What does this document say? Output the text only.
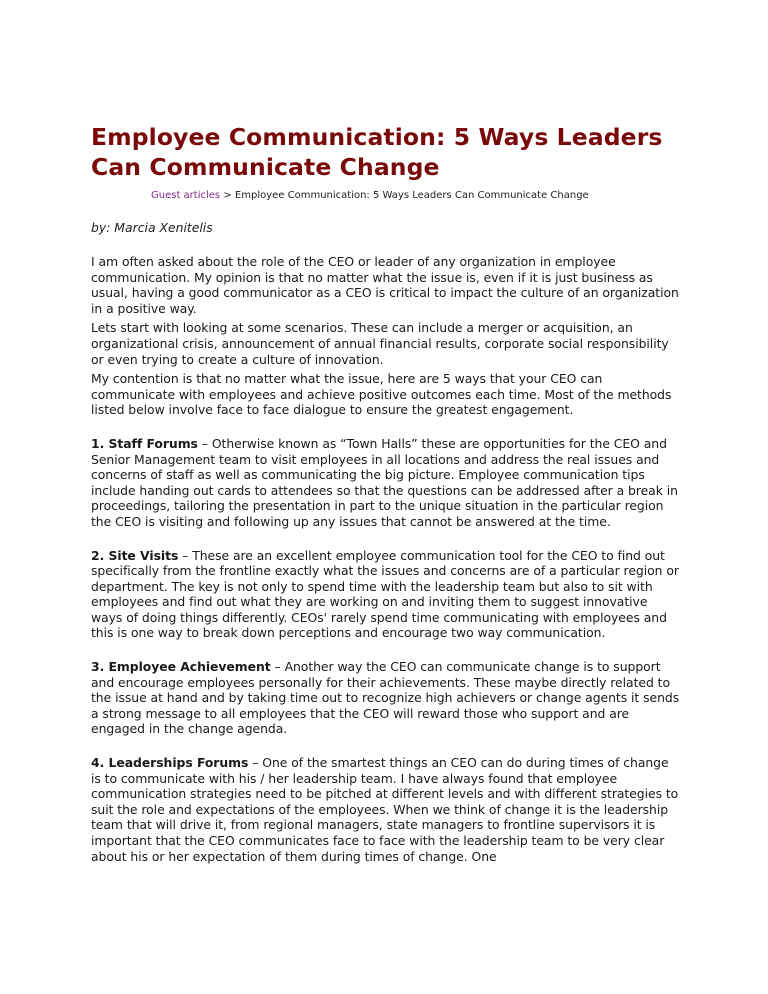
Employee Communication: 5 Ways Leaders Can Communicate Change
Guest articles > Employee Communication: 5 Ways Leaders Can Communicate Change
by: Marcia Xenitelis

I am often asked about the role of the CEO or leader of any organization in employee communication. My opinion is that no matter what the issue is, even if it is just business as usual, having a good communicator as a CEO is critical to impact the culture of an organization in a positive way.

Lets start with looking at some scenarios. These can include a merger or acquisition, an organizational crisis, announcement of annual financial results, corporate social responsibility or even trying to create a culture of innovation.

My contention is that no matter what the issue, here are 5 ways that your CEO can communicate with employees and achieve positive outcomes each time. Most of the methods listed below involve face to face dialogue to ensure the greatest engagement.

1. Staff Forums – Otherwise known as “Town Halls” these are opportunities for the CEO and Senior Management team to visit employees in all locations and address the real issues and concerns of staff as well as communicating the big picture. Employee communication tips include handing out cards to attendees so that the questions can be addressed after a break in proceedings, tailoring the presentation in part to the unique situation in the particular region the CEO is visiting and following up any issues that cannot be answered at the time.

2. Site Visits – These are an excellent employee communication tool for the CEO to find out specifically from the frontline exactly what the issues and concerns are of a particular region or department. The key is not only to spend time with the leadership team but also to sit with employees and find out what they are working on and inviting them to suggest innovative ways of doing things differently. CEOs' rarely spend time communicating with employees and this is one way to break down perceptions and encourage two way communication.

3. Employee Achievement – Another way the CEO can communicate change is to support and encourage employees personally for their achievements. These maybe directly related to the issue at hand and by taking time out to recognize high achievers or change agents it sends a strong message to all employees that the CEO will reward those who support and are engaged in the change agenda.

4. Leaderships Forums – One of the smartest things an CEO can do during times of change is to communicate with his / her leadership team. I have always found that employee communication strategies need to be pitched at different levels and with different strategies to suit the role and expectations of the employees. When we think of change it is the leadership team that will drive it, from regional managers, state managers to frontline supervisors it is important that the CEO communicates face to face with the leadership team to be very clear about his or her expectation of them during times of change. One
